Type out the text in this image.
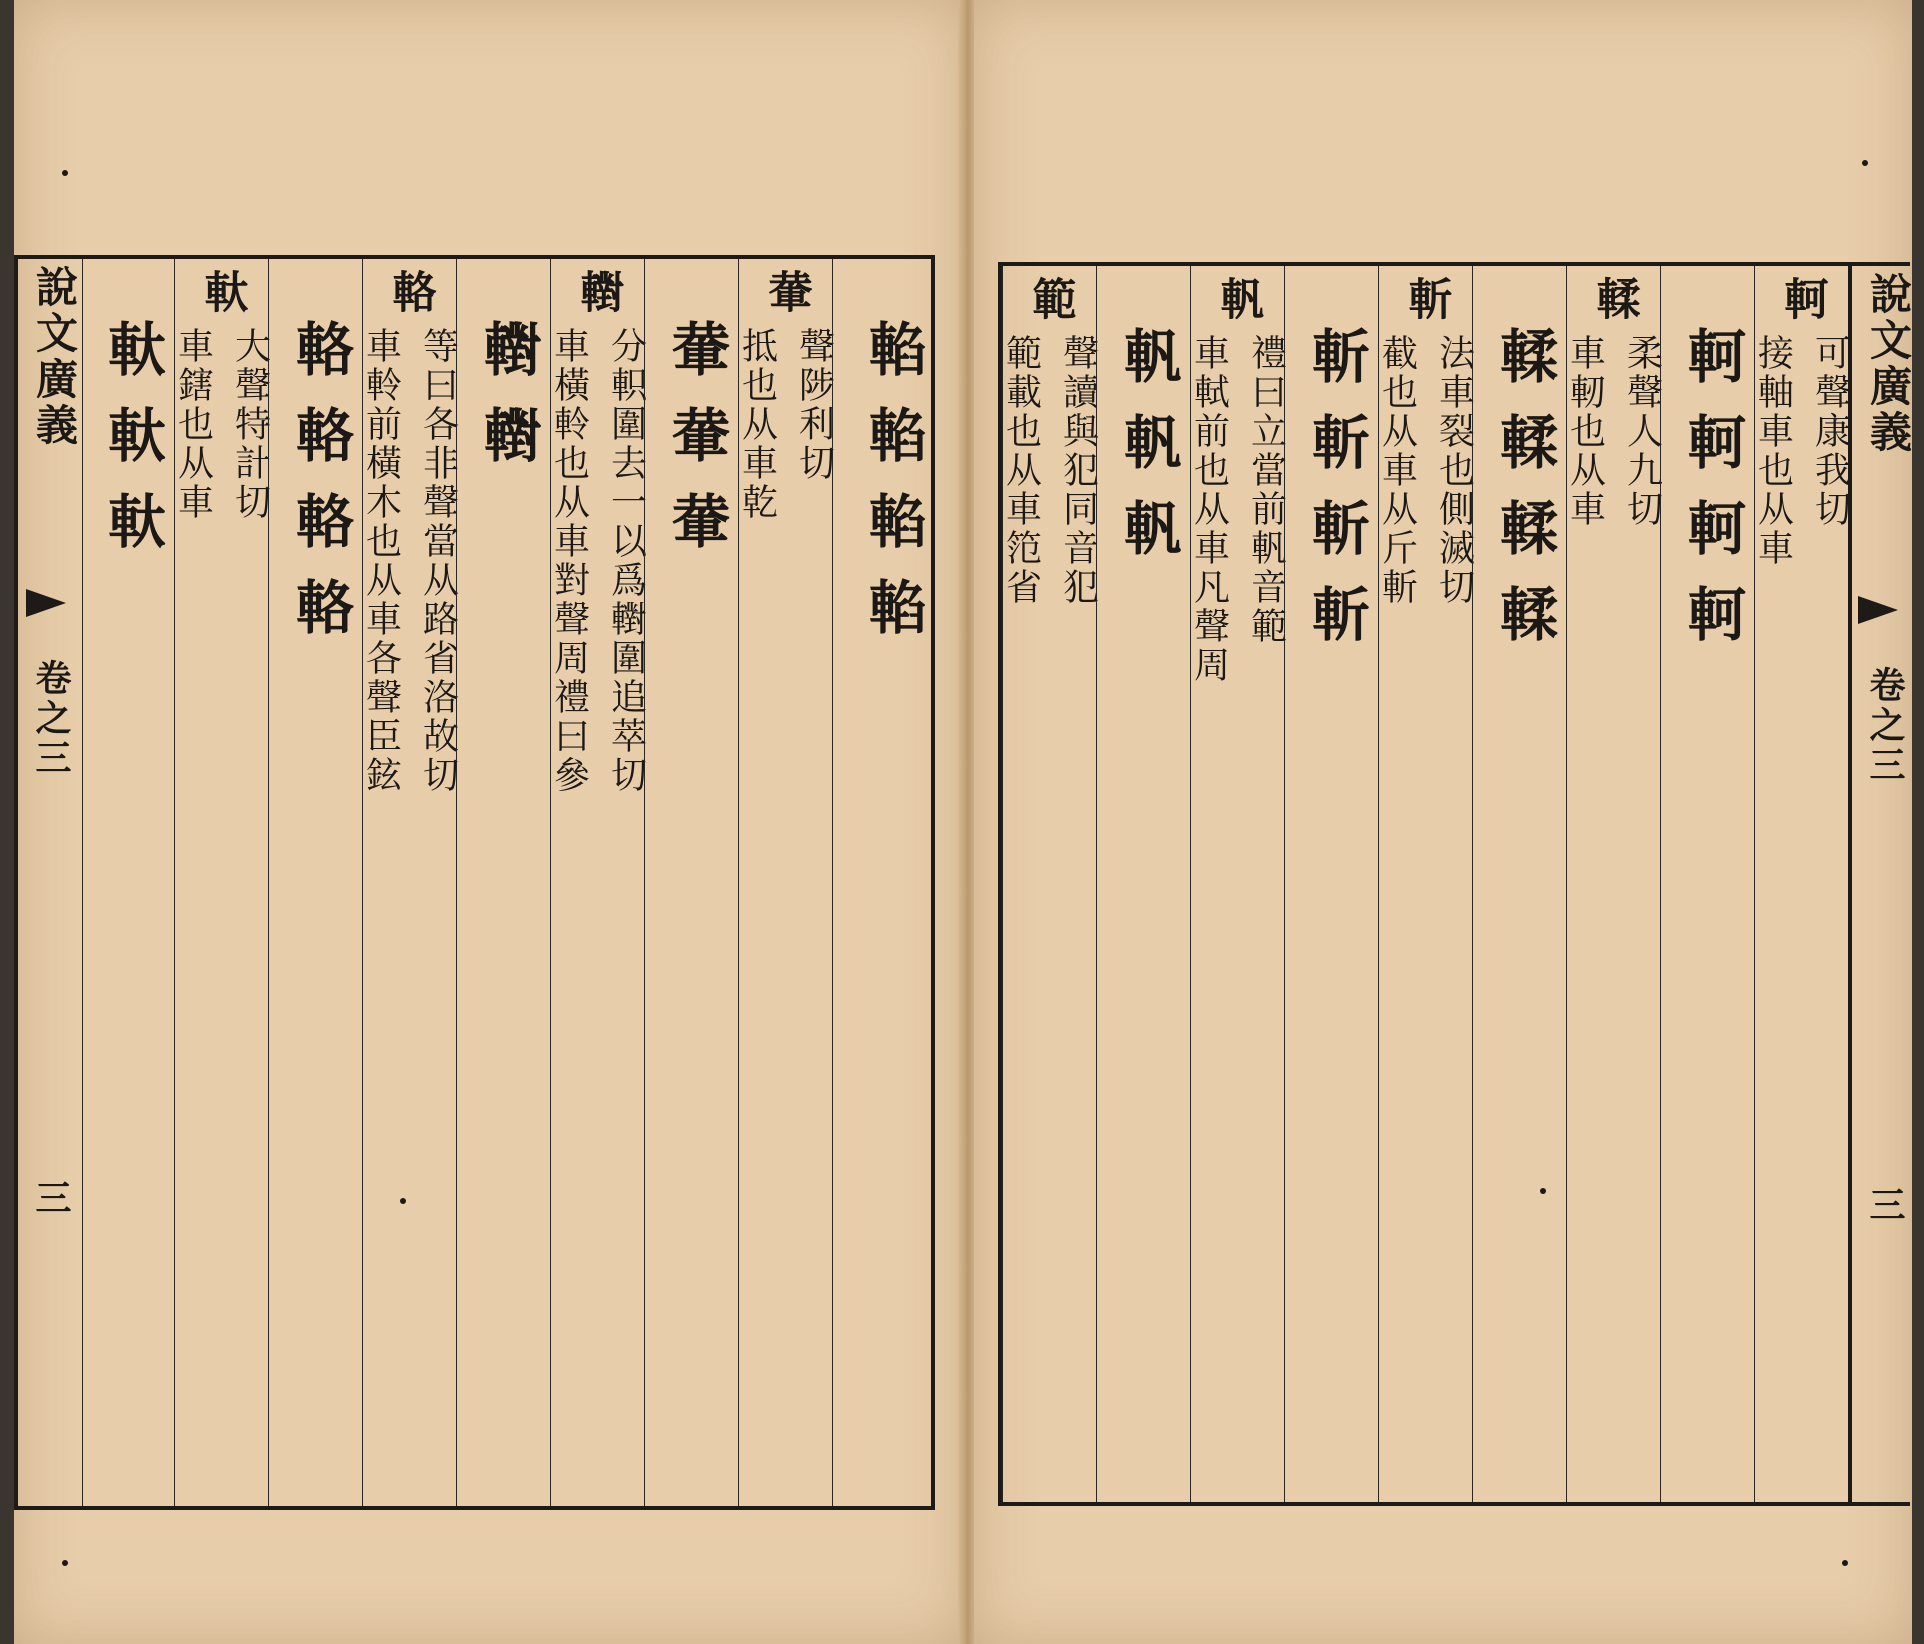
說文廣義
卷之三
三
軑軑軑
軑
車鎋也从車 大聲特計切 輅輅輅輅
輅
車軨前橫木也从車各聲臣鉉 等曰各非聲當从路省洛故切 轛轛
轛
車橫軨也从車對聲周禮曰參 分軹圍去一以爲轛圍追萃切 輂輂輂
輂
抵也从車乾 聲陟利切 輡輡輡輡
範
範載也从車笵省 聲讀與犯同音犯 軓軓軓
軓
車軾前也从車凡聲周 禮曰立當前軓音範 斬斬斬斬
斬
截也从車从斤斬 法車裂也側滅切 輮輮輮輮
輮
車軔也从車 柔聲人九切 軻軻軻軻
軻
接軸車也从車 可聲康我切 說文廣義
卷之三
三
